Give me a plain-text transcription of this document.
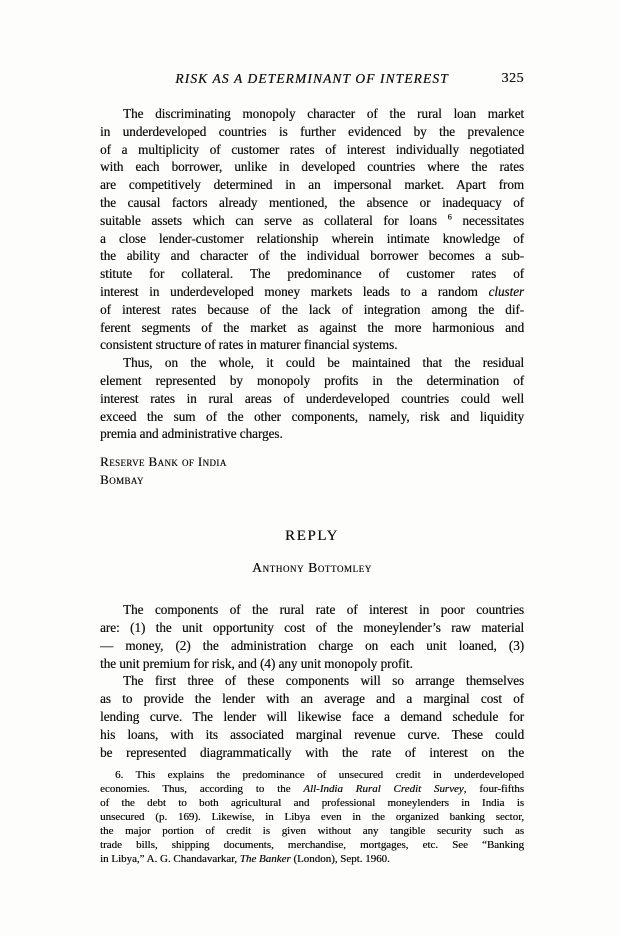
RISK AS A DETERMINANT OF INTEREST	325
The discriminating monopoly character of the rural loan market
in underdeveloped countries is further evidenced by the prevalence
of a multiplicity of customer rates of interest individually negotiated
with each borrower, unlike in developed countries where the rates
are competitively determined in an impersonal market. Apart from
the causal factors already mentioned, the absence or inadequacy of
suitable assets which can serve as collateral for loans $^6$ necessitates
a close lender-customer relationship wherein intimate knowledge of
the ability and character of the individual borrower becomes a sub-
stitute for collateral. The predominance of customer rates of
interest in underdeveloped money markets leads to a random cluster
of interest rates because of the lack of integration among the dif-
ferent segments of the market as against the more harmonious and
consistent structure of rates in maturer financial systems.
Thus, on the whole, it could be maintained that the residual
element represented by monopoly profits in the determination of
interest rates in rural areas of underdeveloped countries could well
exceed the sum of the other components, namely, risk and liquidity
premia and administrative charges.
Reserve Bank of India
Bombay
REPLY
Anthony Bottomley
The components of the rural rate of interest in poor countries
are: (1) the unit opportunity cost of the moneylender’s raw material
— money, (2) the administration charge on each unit loaned, (3)
the unit premium for risk, and (4) any unit monopoly profit.
The first three of these components will so arrange themselves
as to provide the lender with an average and a marginal cost of
lending curve. The lender will likewise face a demand schedule for
his loans, with its associated marginal revenue curve. These could
be represented diagrammatically with the rate of interest on the
6. This explains the predominance of unsecured credit in underdeveloped
economies. Thus, according to the All-India Rural Credit Survey, four-fifths
of the debt to both agricultural and professional moneylenders in India is
unsecured (p. 169). Likewise, in Libya even in the organized banking sector,
the major portion of credit is given without any tangible security such as
trade bills, shipping documents, merchandise, mortgages, etc. See “Banking
in Libya,” A. G. Chandavarkar, The Banker (London), Sept. 1960.
